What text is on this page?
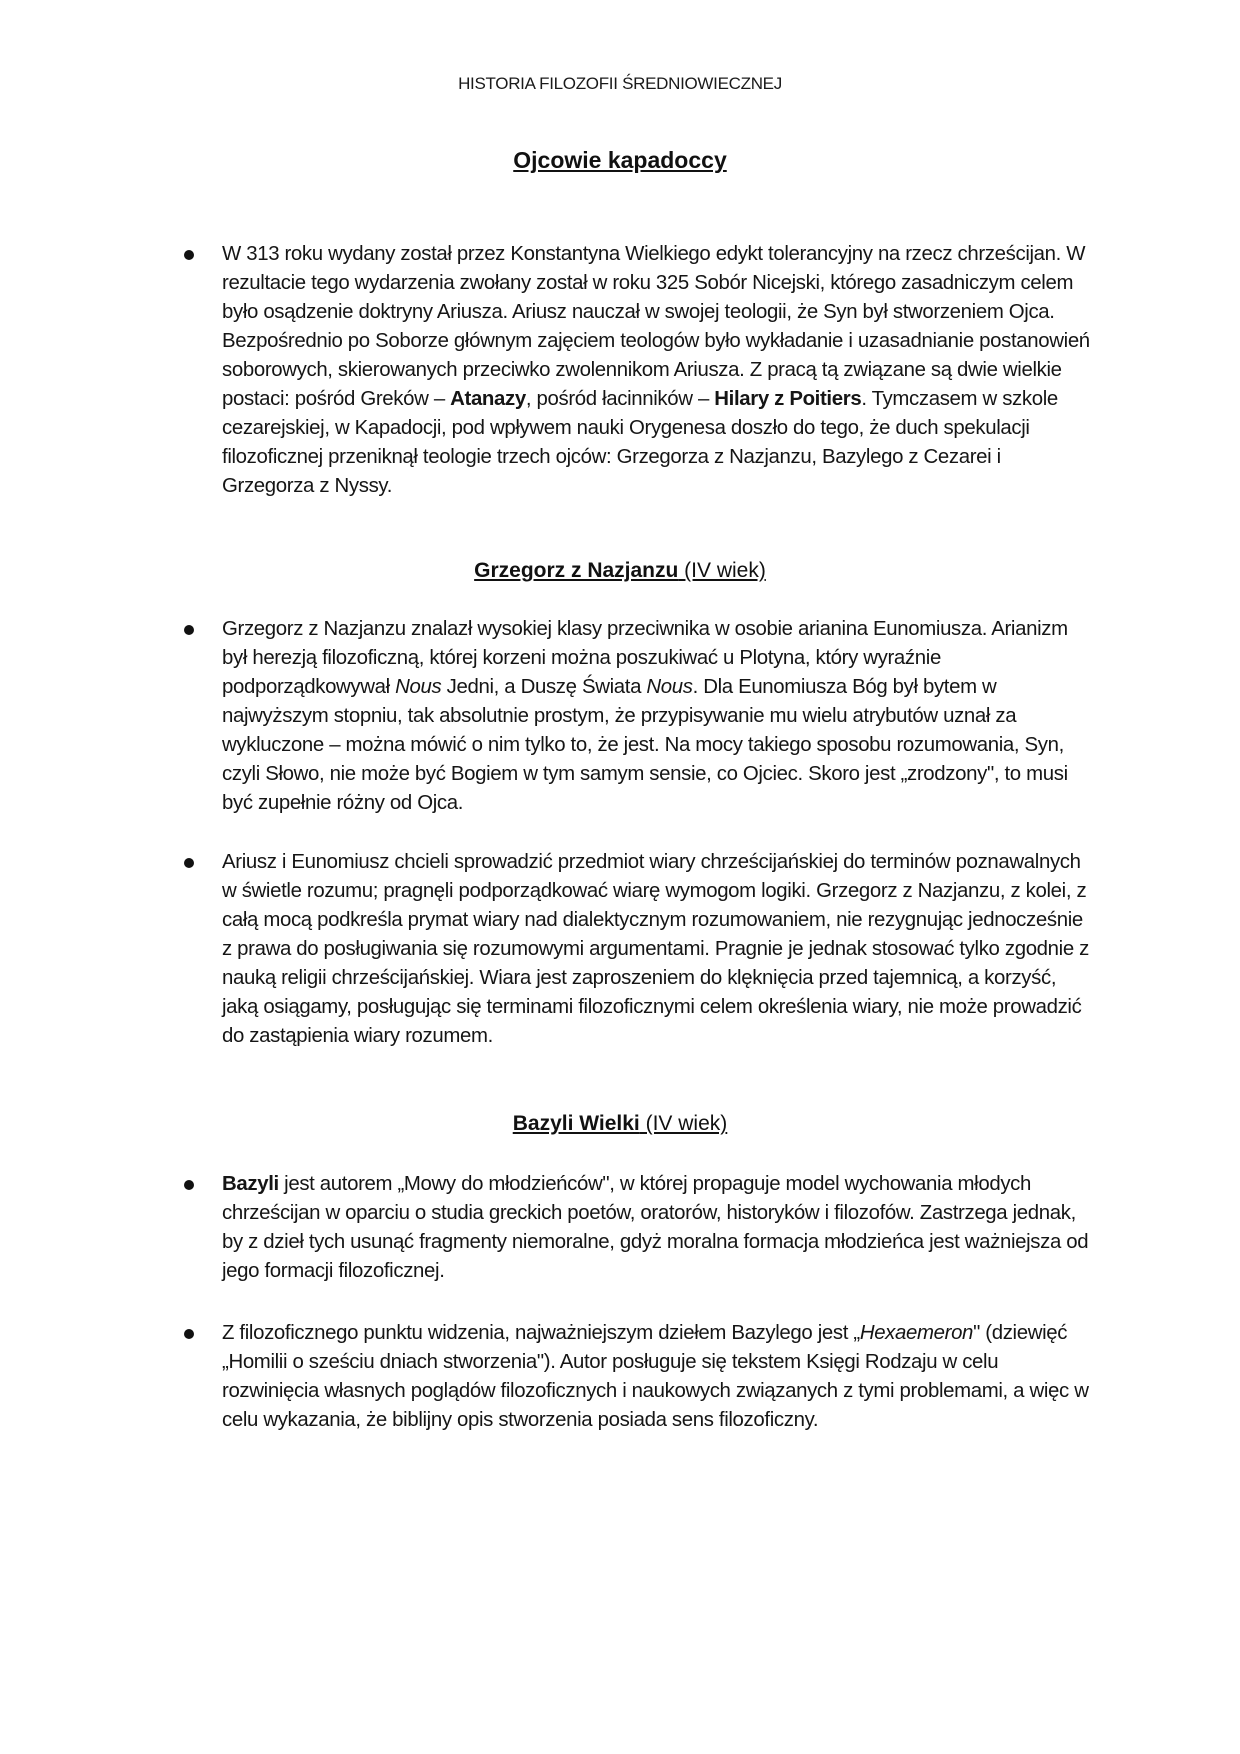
HISTORIA FILOZOFII ŚREDNIOWIECZNEJ
Ojcowie kapadoccy
W 313 roku wydany został przez Konstantyna Wielkiego edykt tolerancyjny na rzecz chrześcijan. W rezultacie tego wydarzenia zwołany został w roku 325 Sobór Nicejski, którego zasadniczym celem było osądzenie doktryny Ariusza. Ariusz nauczał w swojej teologii, że Syn był stworzeniem Ojca. Bezpośrednio po Soborze głównym zajęciem teologów było wykładanie i uzasadnianie postanowień soborowych, skierowanych przeciwko zwolennikom Ariusza. Z pracą tą związane są dwie wielkie postaci: pośród Greków – Atanazy, pośród łacinników – Hilary z Poitiers. Tymczasem w szkole cezarejskiej, w Kapadocji, pod wpływem nauki Orygenesa doszło do tego, że duch spekulacji filozoficznej przeniknął teologie trzech ojców: Grzegorza z Nazjanzu, Bazylego z Cezarei i Grzegorza z Nyssy.
Grzegorz z Nazjanzu (IV wiek)
Grzegorz z Nazjanzu znalazł wysokiej klasy przeciwnika w osobie arianina Eunomiusza. Arianizm był herezją filozoficzną, której korzeni można poszukiwać u Plotyna, który wyraźnie podporządkowywał Nous Jedni, a Duszę Świata Nous. Dla Eunomiusza Bóg był bytem w najwyższym stopniu, tak absolutnie prostym, że przypisywanie mu wielu atrybutów uznał za wykluczone – można mówić o nim tylko to, że jest. Na mocy takiego sposobu rozumowania, Syn, czyli Słowo, nie może być Bogiem w tym samym sensie, co Ojciec. Skoro jest „zrodzony", to musi być zupełnie różny od Ojca.
Ariusz i Eunomiusz chcieli sprowadzić przedmiot wiary chrześcijańskiej do terminów poznawalnych w świetle rozumu; pragnęli podporządkować wiarę wymogom logiki. Grzegorz z Nazjanzu, z kolei, z całą mocą podkreśla prymat wiary nad dialektycznym rozumowaniem, nie rezygnując jednocześnie z prawa do posługiwania się rozumowymi argumentami. Pragnie je jednak stosować tylko zgodnie z nauką religii chrześcijańskiej. Wiara jest zaproszeniem do klęknięcia przed tajemnicą, a korzyść, jaką osiągamy, posługując się terminami filozoficznymi celem określenia wiary, nie może prowadzić do zastąpienia wiary rozumem.
Bazyli Wielki (IV wiek)
Bazyli jest autorem „Mowy do młodzieńców", w której propaguje model wychowania młodych chrześcijan w oparciu o studia greckich poetów, oratorów, historyków i filozofów. Zastrzega jednak, by z dzieł tych usunąć fragmenty niemoralne, gdyż moralna formacja młodzieńca jest ważniejsza od jego formacji filozoficznej.
Z filozoficznego punktu widzenia, najważniejszym dziełem Bazylego jest „Hexaemeron" (dziewięć „Homilii o sześciu dniach stworzenia"). Autor posługuje się tekstem Księgi Rodzaju w celu rozwinięcia własnych poglądów filozoficznych i naukowych związanych z tymi problemami, a więc w celu wykazania, że biblijny opis stworzenia posiada sens filozoficzny.
